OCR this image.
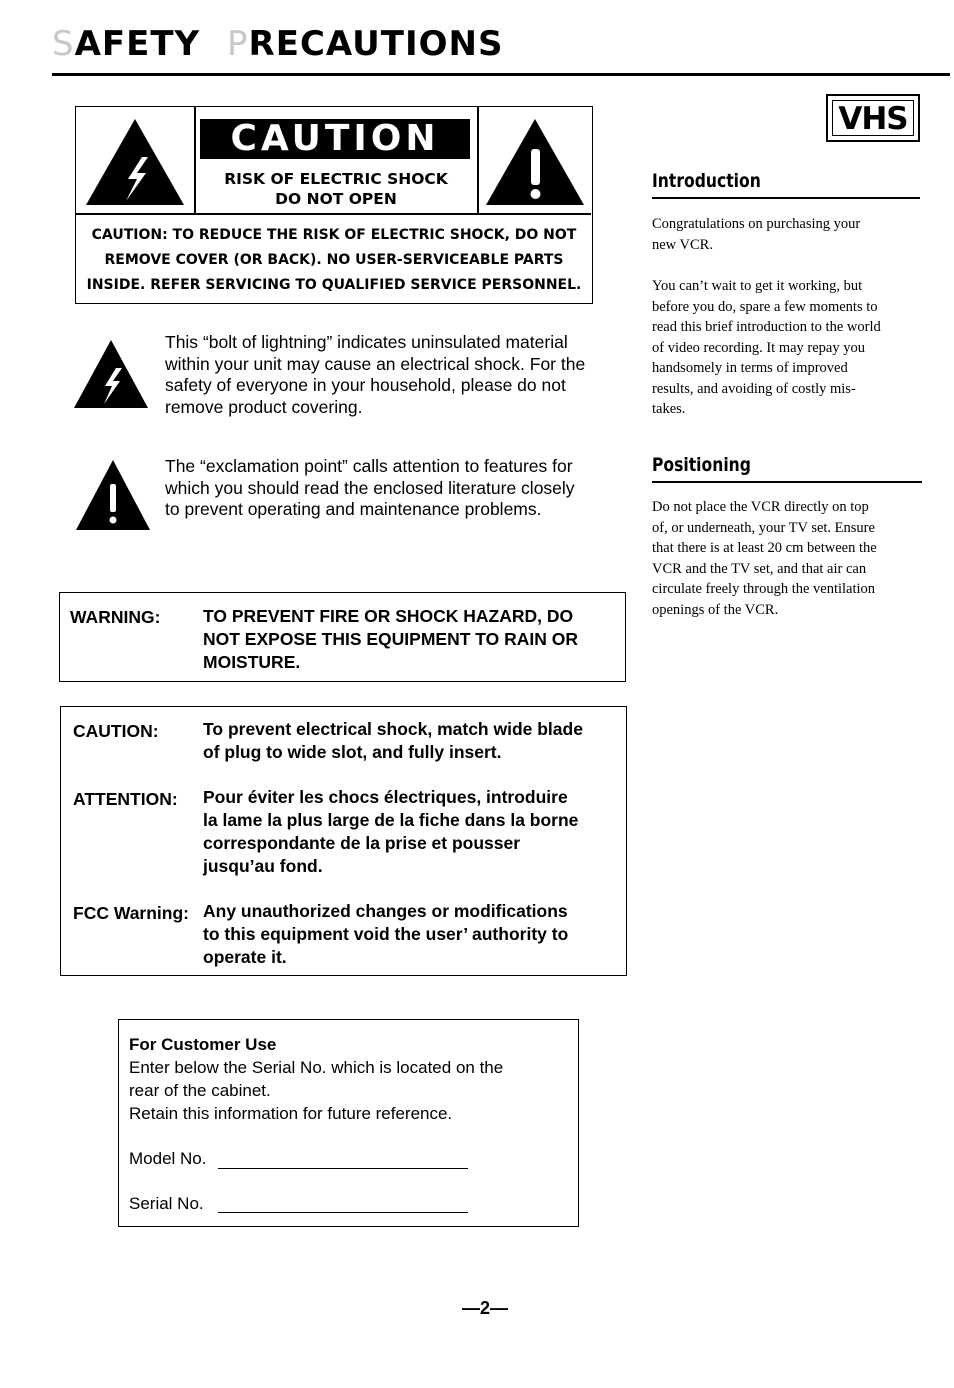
SAFETY PRECAUTIONS
CAUTION
RISK OF ELECTRIC SHOCK
DO NOT OPEN
CAUTION: TO REDUCE THE RISK OF ELECTRIC SHOCK, DO NOT
REMOVE COVER (OR BACK). NO USER-SERVICEABLE PARTS
INSIDE. REFER SERVICING TO QUALIFIED SERVICE PERSONNEL.
This “bolt of lightning” indicates uninsulated material
within your unit may cause an electrical shock. For the
safety of everyone in your household, please do not
remove product covering.
The “exclamation point” calls attention to features for
which you should read the enclosed literature closely
to prevent operating and maintenance problems.
WARNING: TO PREVENT FIRE OR SHOCK HAZARD, DO
NOT EXPOSE THIS EQUIPMENT TO RAIN OR
MOISTURE.
CAUTION:	To prevent electrical shock, match wide blade
of plug to wide slot, and fully insert.
ATTENTION: Pour éviter les chocs électriques, introduire
la lame la plus large de la fiche dans la borne
correspondante de la prise et pousser
jusqu’au fond.
FCC Warning: Any unauthorized changes or modifications
to this equipment void the user’ authority to
operate it.
For Customer Use
Enter below the Serial No. which is located on the
rear of the cabinet.
Retain this information for future reference.
Model No.
Serial No.
VHS
Introduction
Congratulations on purchasing your
new VCR.
You can’t wait to get it working, but
before you do, spare a few moments to
read this brief introduction to the world
of video recording. It may repay you
handsomely in terms of improved
results, and avoiding of costly mis-
takes.
Positioning
Do not place the VCR directly on top
of, or underneath, your TV set. Ensure
that there is at least 20 cm between the
VCR and the TV set, and that air can
circulate freely through the ventilation
openings of the VCR.
—2—
